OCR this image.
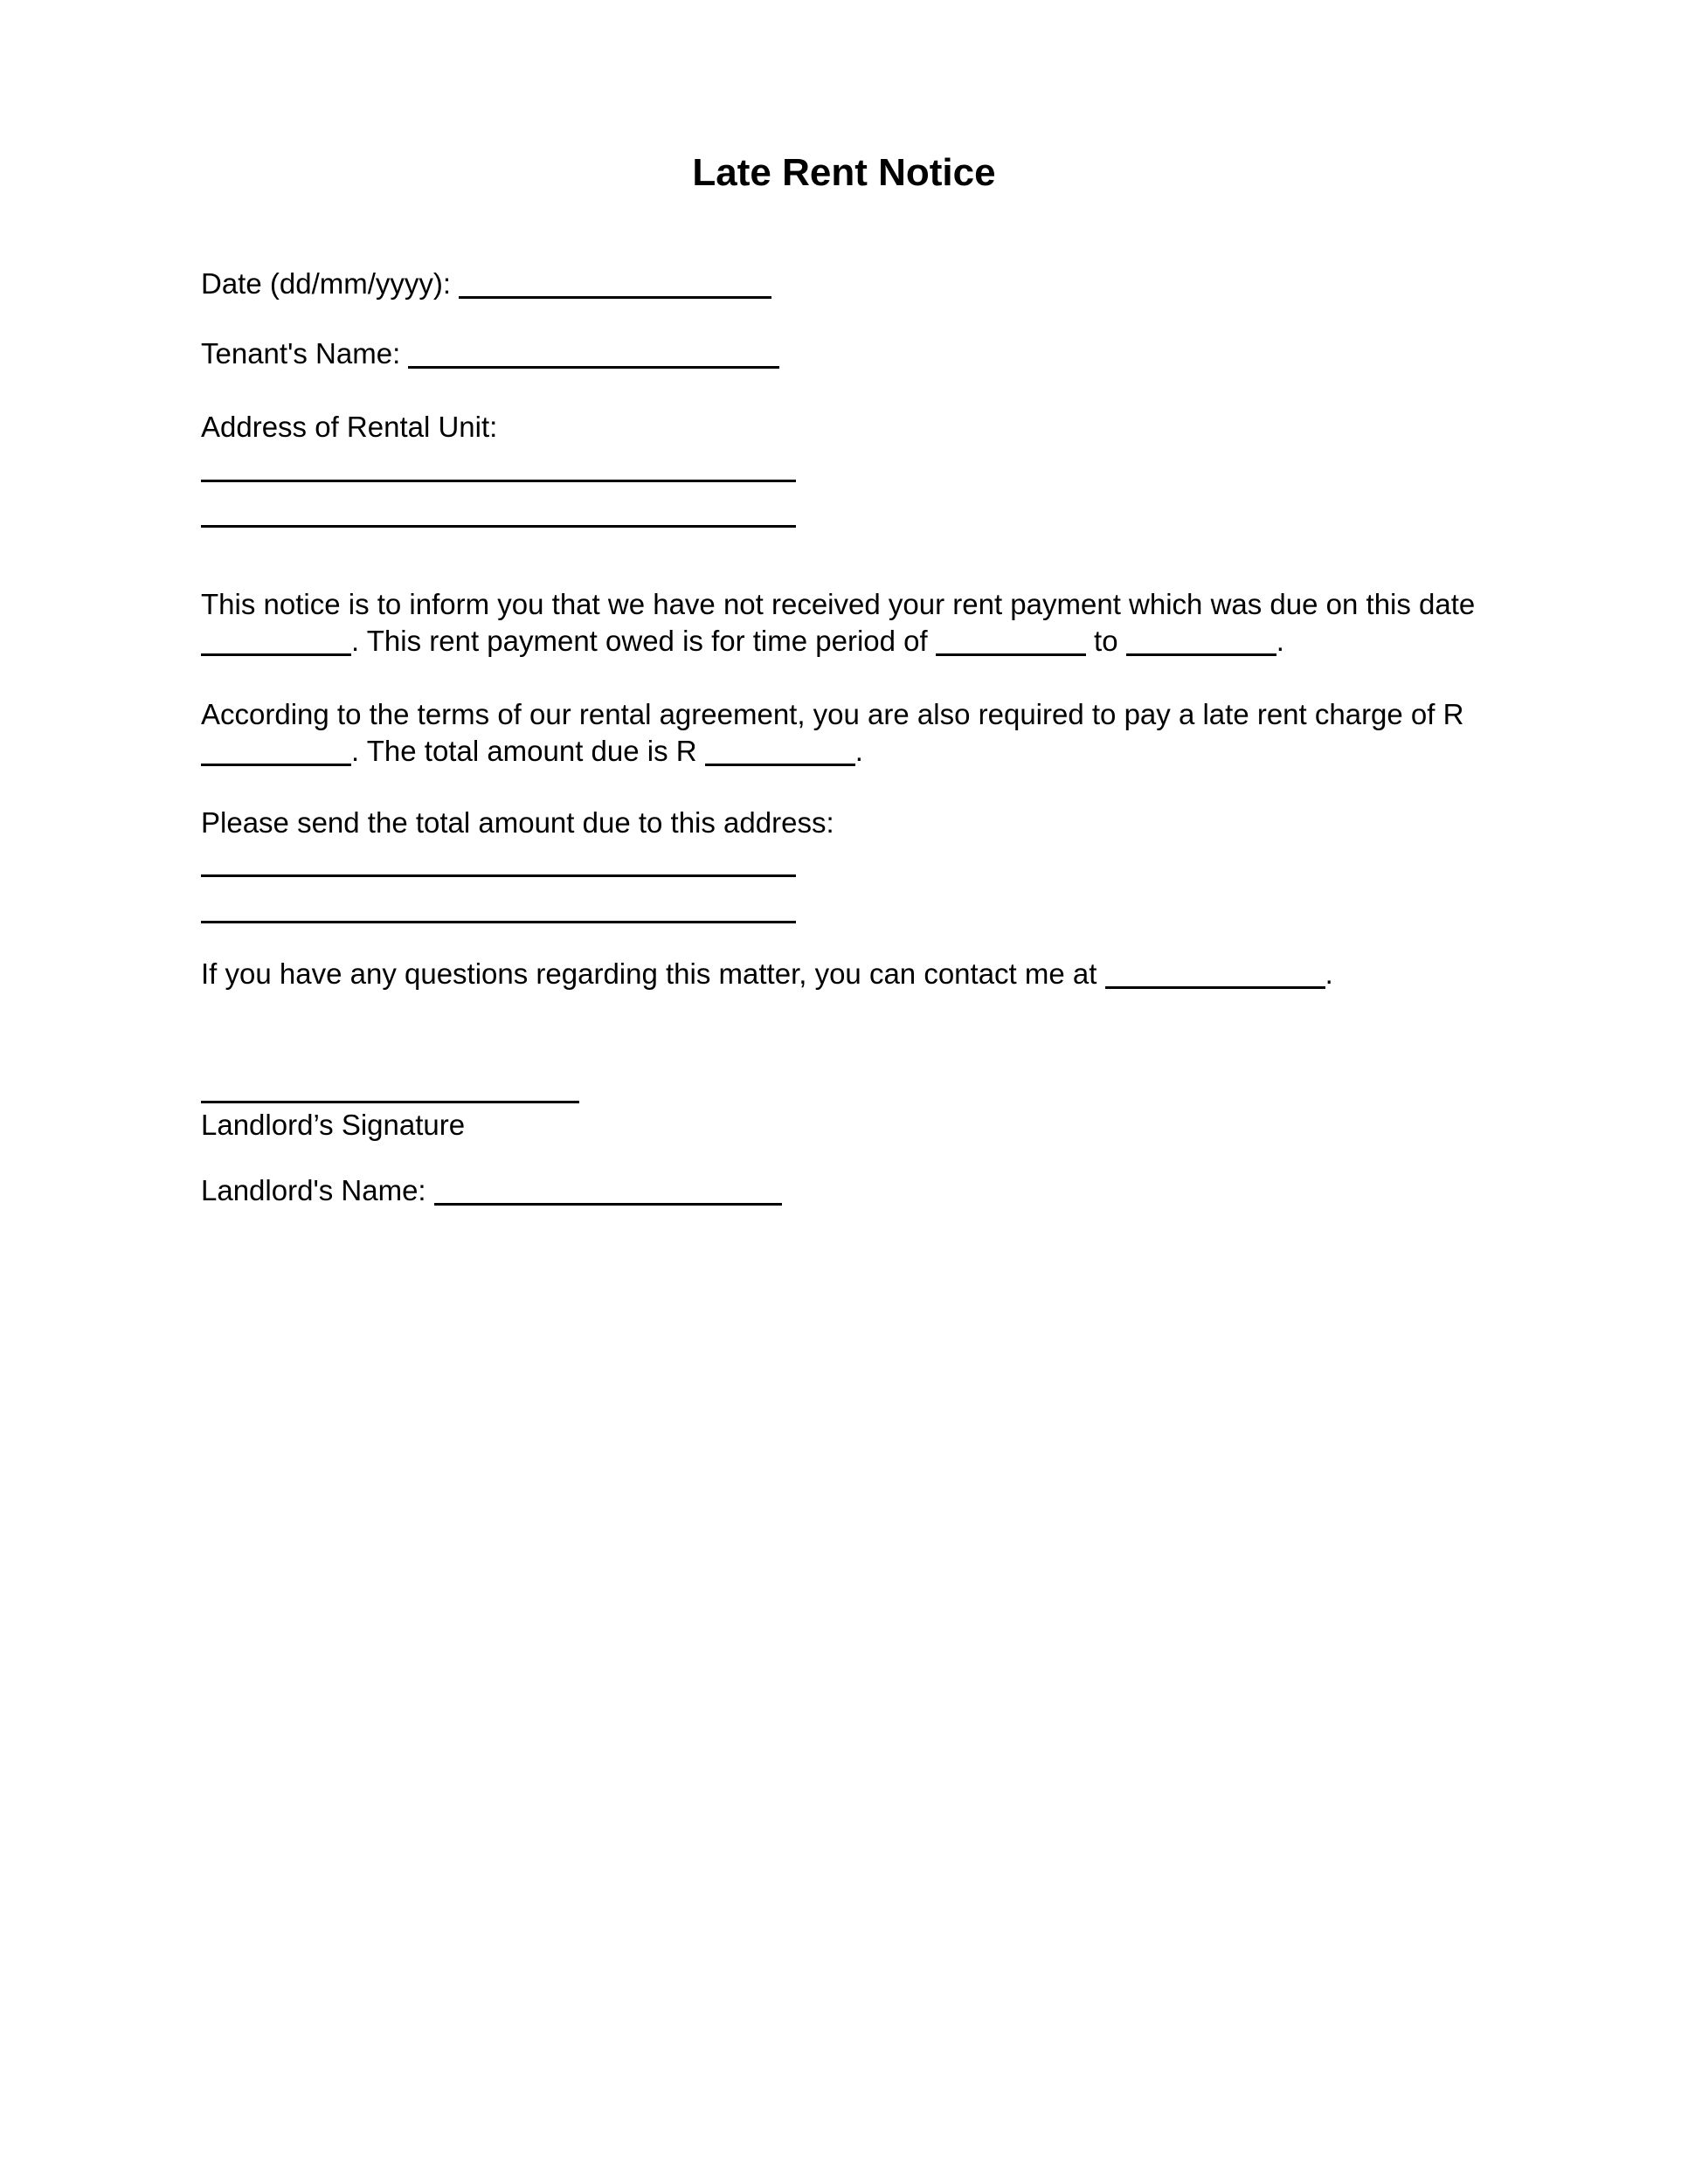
Late Rent Notice
Date (dd/mm/yyyy):
Tenant's Name:
Address of Rental Unit:

This notice is to inform you that we have not received your rent payment which was due on this date . This rent payment owed is for time period of	to	.

According to the terms of our rental agreement, you are also required to pay a late rent charge of R . The total amount due is R	.

Please send the total amount due to this address:

If you have any questions regarding this matter, you can contact me at	.

Landlord’s Signature
Landlord's Name:
